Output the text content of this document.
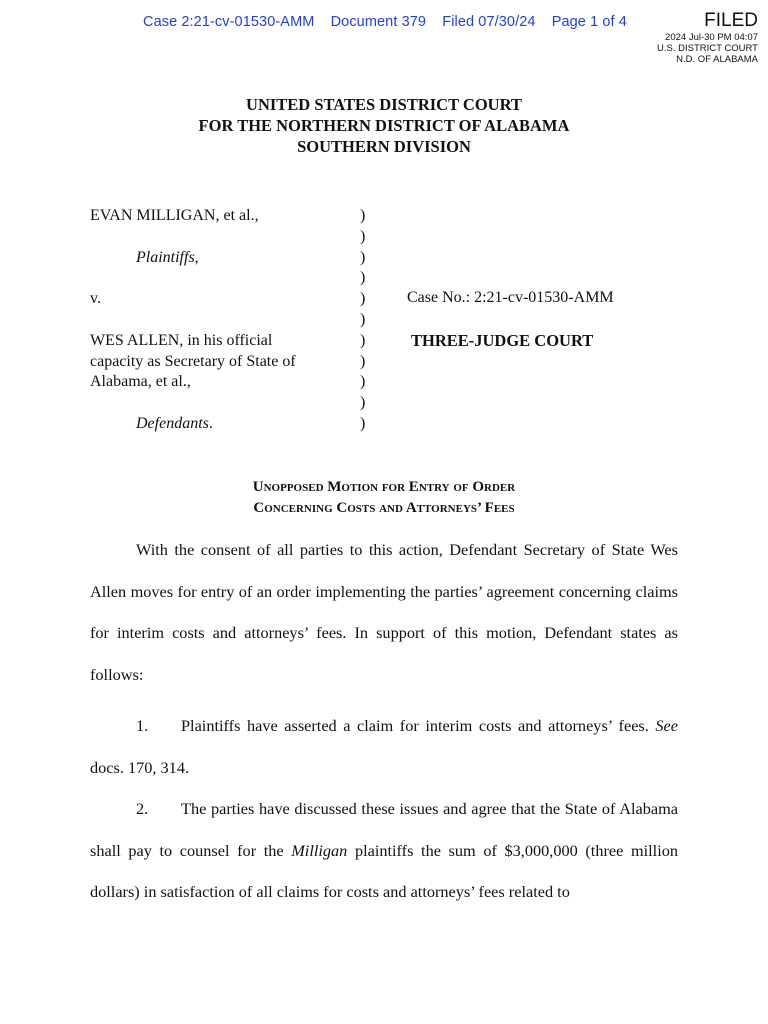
Case 2:21-cv-01530-AMM Document 379 Filed 07/30/24 Page 1 of 4	FILED
2024 Jul-30 PM 04:07
U.S. DISTRICT COURT
N.D. OF ALABAMA
UNITED STATES DISTRICT COURT
FOR THE NORTHERN DISTRICT OF ALABAMA
SOUTHERN DIVISION
EVAN MILLIGAN, et al.,
Plaintiffs,
v.
WES ALLEN, in his official
capacity as Secretary of State of
Alabama, et al.,
Defendants.
)
)
)
)
)
)
)
)
)
)
)
Case No.: 2:21-cv-01530-AMM
THREE-JUDGE COURT
Unopposed Motion for Entry of Order
Concerning Costs and Attorneys’ Fees
With the consent of all parties to this action, Defendant Secretary of State Wes Allen moves for entry of an order implementing the parties’ agreement concerning claims for interim costs and attorneys’ fees. In support of this motion, Defendant states as follows:
1. Plaintiffs have asserted a claim for interim costs and attorneys’ fees. See docs. 170, 314.
2. The parties have discussed these issues and agree that the State of Alabama shall pay to counsel for the Milligan plaintiffs the sum of $3,000,000 (three million dollars) in satisfaction of all claims for costs and attorneys’ fees related to
